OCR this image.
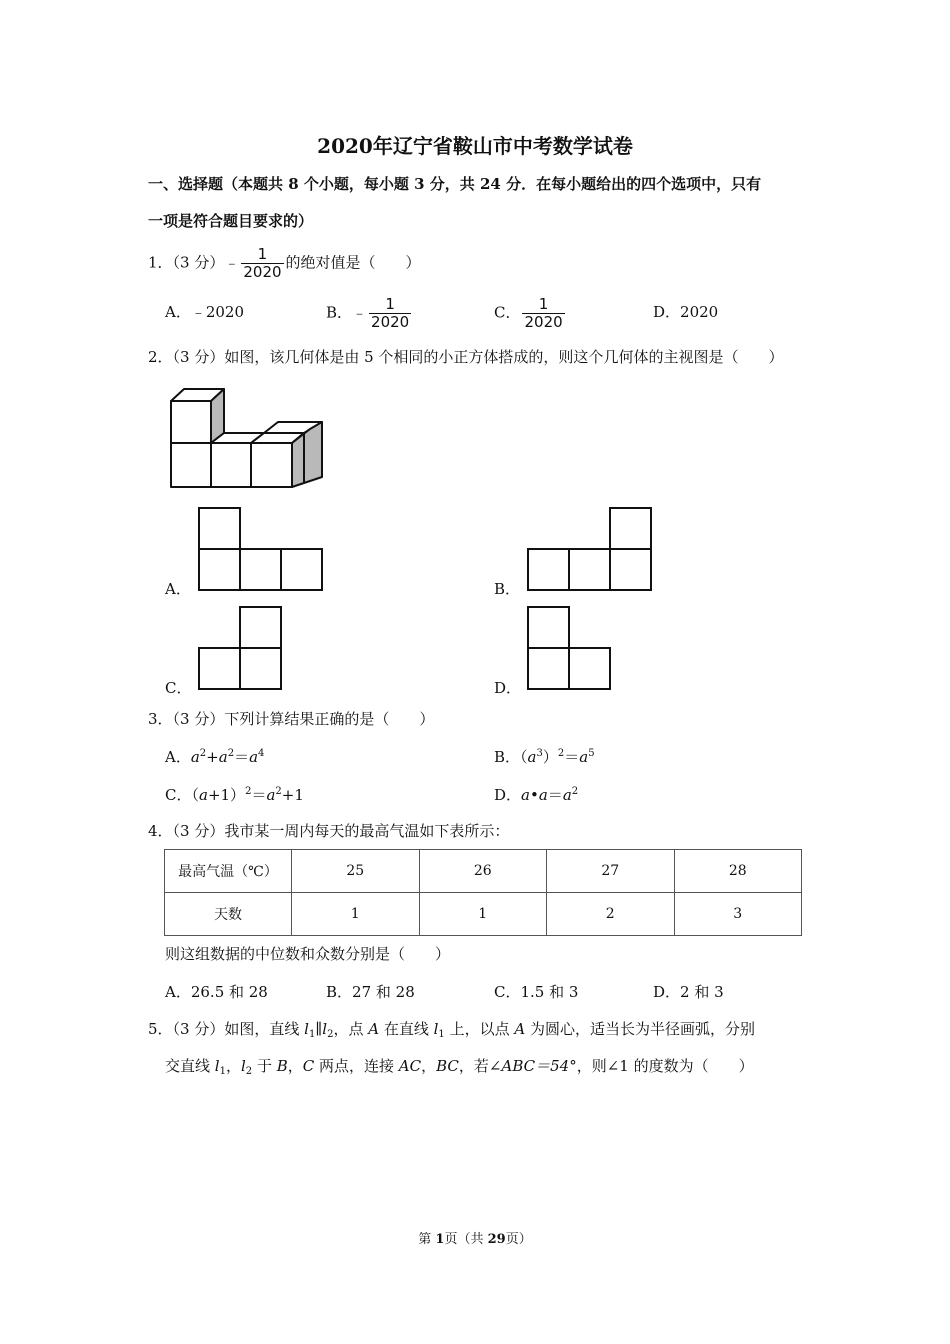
2020年辽宁省鞍山市中考数学试卷
一、选择题（本题共 8 个小题，每小题 3 分，共 24 分．在每小题给出的四个选项中，只有
一项是符合题目要求的）
1．（3 分）﹣ $\frac{1}{2020}$ 的绝对值是（　　）
A．﹣2020	B．﹣ $\frac{1}{2020}$	C． $\frac{1}{2020}$	D．2020
2．（3 分）如图，该几何体是由 5 个相同的小正方体搭成的，则这个几何体的主视图是（　　）
A．	B．
C．	D．
3．（3 分）下列计算结果正确的是（　　）
A．$a^2+a^2=a^4$	B．$(a^3)^2=a^5$
C．$(a+1)^2=a^2+1$	D．$a•a=a^2$
4．（3 分）我市某一周内每天的最高气温如下表所示：
最高气温（℃）	25	26	27	28
天数	1	1	2	3
则这组数据的中位数和众数分别是（　　）
A．26.5 和 28	B．27 和 28	C．1.5 和 3	D．2 和 3
5．（3 分）如图，直线 $l_1\parallel l_2$，点 A 在直线 $l_1$ 上，以点 A 为圆心，适当长为半径画弧，分别
交直线 $l_1$，$l_2$ 于 B，C 两点，连接 AC，BC，若∠ABC＝54°，则∠1 的度数为（　　）
第 1页（共 29页）
